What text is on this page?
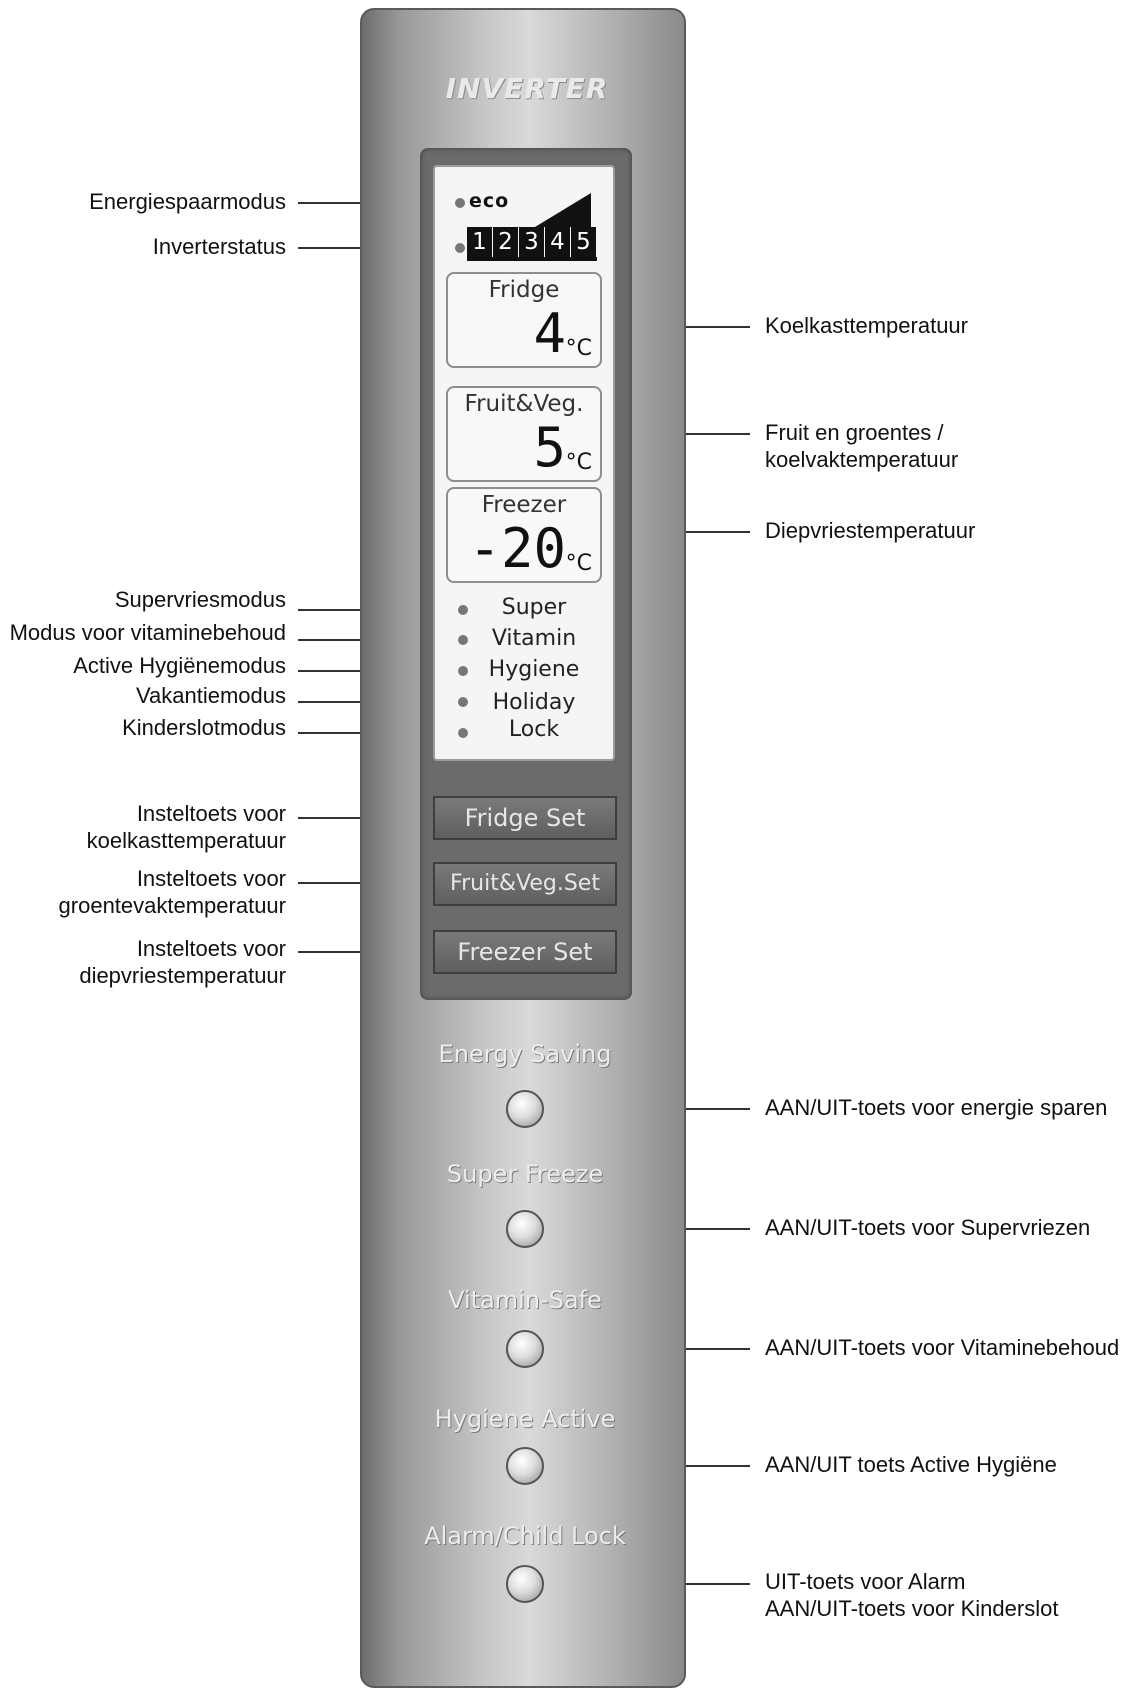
INVERTER
eco
1 2 3 4 5
Fridge
4 °C
Fruit&Veg.
5 °C
Freezer
-20 °C
Super
Vitamin
Hygiene
Holiday
Lock
Fridge Set
Fruit&Veg.Set
Freezer Set
Energy Saving
Super Freeze
Vitamin-Safe
Hygiene Active
Alarm/Child Lock
Energiespaarmodus
Inverterstatus
Supervriesmodus
Modus voor vitaminebehoud
Active Hygiënemodus
Vakantiemodus
Kinderslotmodus
Insteltoets voor
koelkasttemperatuur
Insteltoets voor
groentevaktemperatuur
Insteltoets voor
diepvriestemperatuur
Koelkasttemperatuur
Fruit en groentes /
koelvaktemperatuur
Diepvriestemperatuur
AAN/UIT-toets voor energie sparen
AAN/UIT-toets voor Supervriezen
AAN/UIT-toets voor Vitaminebehoud
AAN/UIT toets Active Hygiëne
UIT-toets voor Alarm
AAN/UIT-toets voor Kinderslot
